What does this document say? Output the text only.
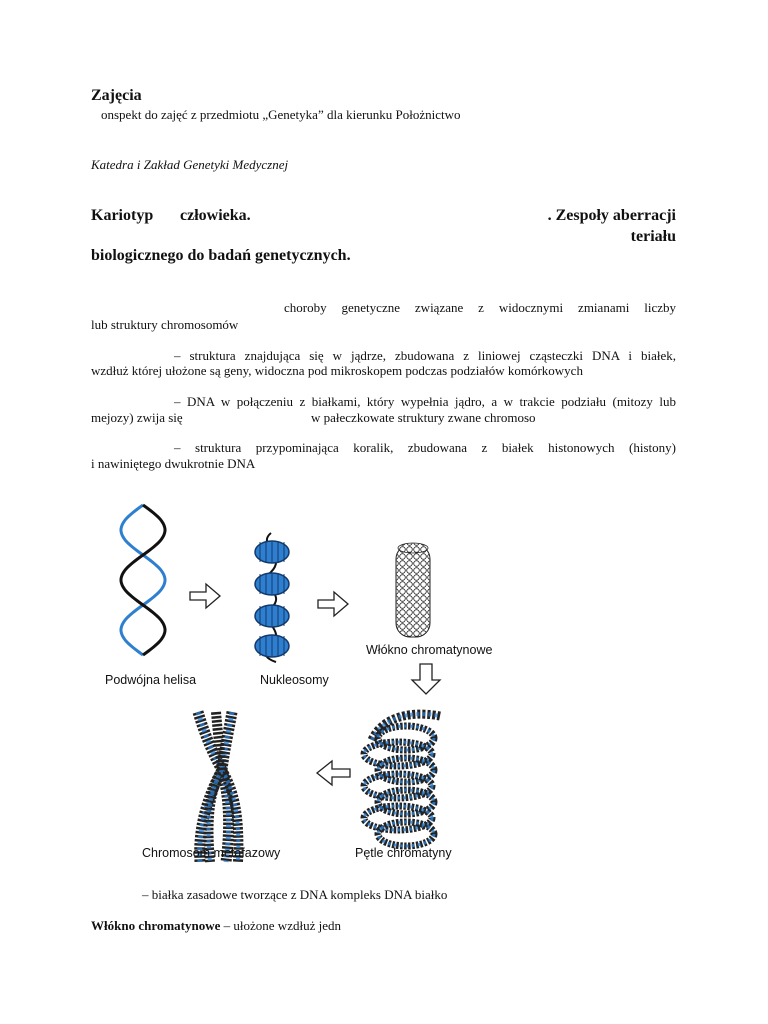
Zajęcia
onspekt do zajęć z przedmiotu „Genetyka” dla kierunku Położnictwo
Katedra i Zakład Genetyki Medycznej
Kariotyp człowieka.	. Zespoły aberracji
teriału
biologicznego do badań genetycznych.
choroby genetyczne związane z widocznymi zmianami liczby
lub struktury chromosomów
– struktura znajdująca się w jądrze, zbudowana z liniowej cząsteczki DNA i białek,
wzdłuż której ułożone są geny, widoczna pod mikroskopem podczas podziałów komórkowych
– DNA w połączeniu z białkami, który wypełnia jądro, a w trakcie podziału (mitozy lub
mejozy) zwija się	w pałeczkowate struktury zwane chromoso
– struktura przypominająca koralik, zbudowana z białek histonowych (histony)
i nawiniętego dwukrotnie DNA
Podwójna helisa	Nukleosomy
Włókno chromatynowe
Pętle chromatyny
Chromosom metafazowy
– białka zasadowe tworzące z DNA kompleks DNA białko
Włókno chromatynowe – ułożone wzdłuż jedn
